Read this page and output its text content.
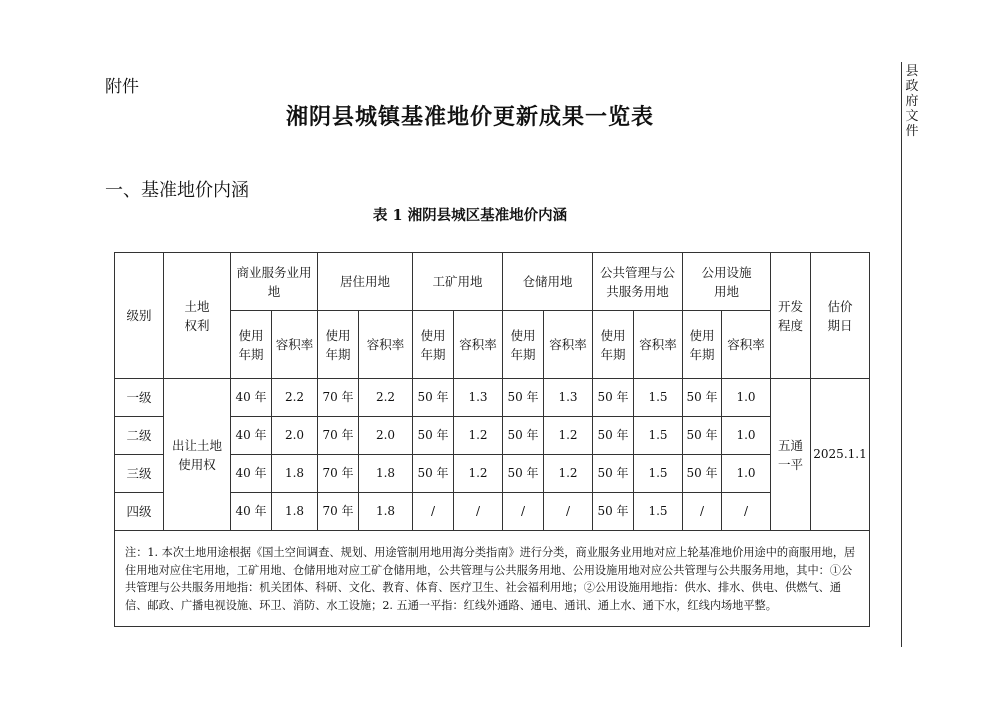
附件
湘阴县城镇基准地价更新成果一览表
一、基准地价内涵
表 1 湘阴县城区基准地价内涵
县政府文件
级别	土地权利	商业服务业用地		居住用地		工矿用地		仓储用地		公共管理与公共服务用地		公用设施用地		开发程度	估价期日

		使用年期	容积率	使用年期	容积率	使用年期	容积率	使用年期	容积率	使用年期	容积率	使用年期	容积率		
一级	出让土地使用权	40 年	2.2	70 年	2.2	50 年	1.3	50 年	1.3	50 年	1.5	50 年	1.0	五通一平	2025.1.1
二级		40 年	2.0	70 年	2.0	50 年	1.2	50 年	1.2	50 年	1.5	50 年	1.0		
三级		40 年	1.8	70 年	1.8	50 年	1.2	50 年	1.2	50 年	1.5	50 年	1.0		
四级		40 年	1.8	70 年	1.8	/	/	/	/	50 年	1.5	/	/		
注：1. 本次土地用途根据《国土空间调查、规划、用途管制用地用海分类指南》进行分类，商业服务业用地对应上轮基准地价用途中的商服用地，居住用地对应住宅用地，工矿用地、仓储用地对应工矿仓储用地，公共管理与公共服务用地、公用设施用地对应公共管理与公共服务用地，其中：①公共管理与公共服务用地指：机关团体、科研、文化、教育、体育、医疗卫生、社会福利用地；②公用设施用地指：供水、排水、供电、供燃气、通信、邮政、广播电视设施、环卫、消防、水工设施；2. 五通一平指：红线外通路、通电、通讯、通上水、通下水，红线内场地平整。															
